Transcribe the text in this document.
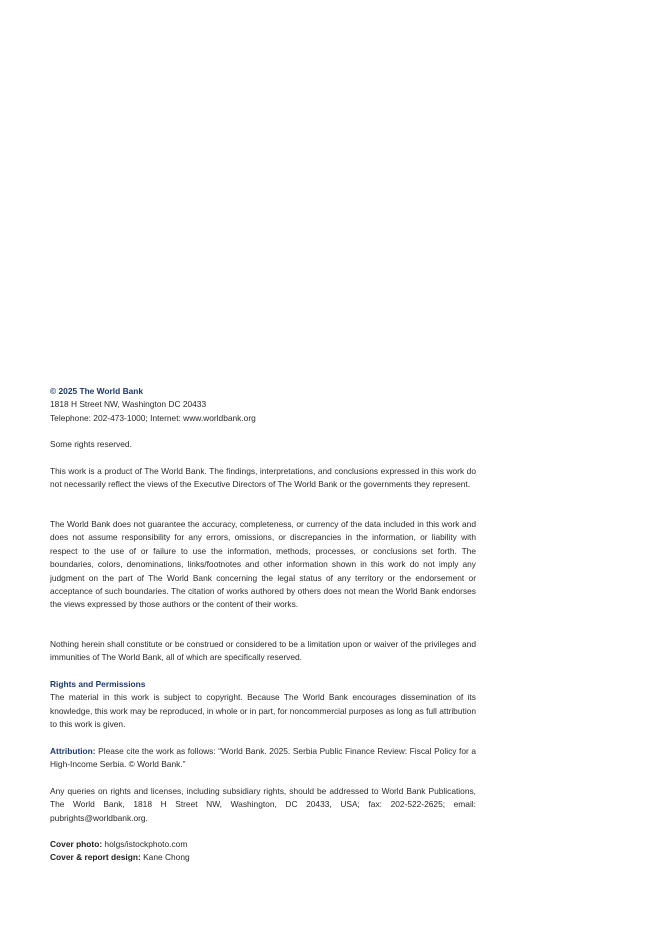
© 2025 The World Bank

1818 H Street NW, Washington DC 20433

Telephone: 202-473-1000; Internet: www.worldbank.org

Some rights reserved.

This work is a product of The World Bank. The findings, interpretations, and conclusions expressed in this work do not necessarily reflect the views of the Executive Directors of The World Bank or the governments they represent.

The World Bank does not guarantee the accuracy, completeness, or currency of the data included in this work and does not assume responsibility for any errors, omissions, or discrepancies in the information, or liability with respect to the use of or failure to use the information, methods, processes, or conclusions set forth. The boundaries, colors, denominations, links/footnotes and other information shown in this work do not imply any judgment on the part of The World Bank concerning the legal status of any territory or the endorsement or acceptance of such boundaries. The citation of works authored by others does not mean the World Bank endorses the views expressed by those authors or the content of their works.

Nothing herein shall constitute or be construed or considered to be a limitation upon or waiver of the privileges and immunities of The World Bank, all of which are specifically reserved.

Rights and Permissions

The material in this work is subject to copyright. Because The World Bank encourages dissemination of its knowledge, this work may be reproduced, in whole or in part, for noncommercial purposes as long as full attribution to this work is given.

Attribution: Please cite the work as follows: “World Bank. 2025. Serbia Public Finance Review: Fiscal Policy for a High-Income Serbia. © World Bank.”

Any queries on rights and licenses, including subsidiary rights, should be addressed to World Bank Publications, The World Bank, 1818 H Street NW, Washington, DC 20433, USA; fax: 202-522-2625; email: pubrights@worldbank.org.

Cover photo: holgs/istockphoto.com

Cover & report design: Kane Chong
